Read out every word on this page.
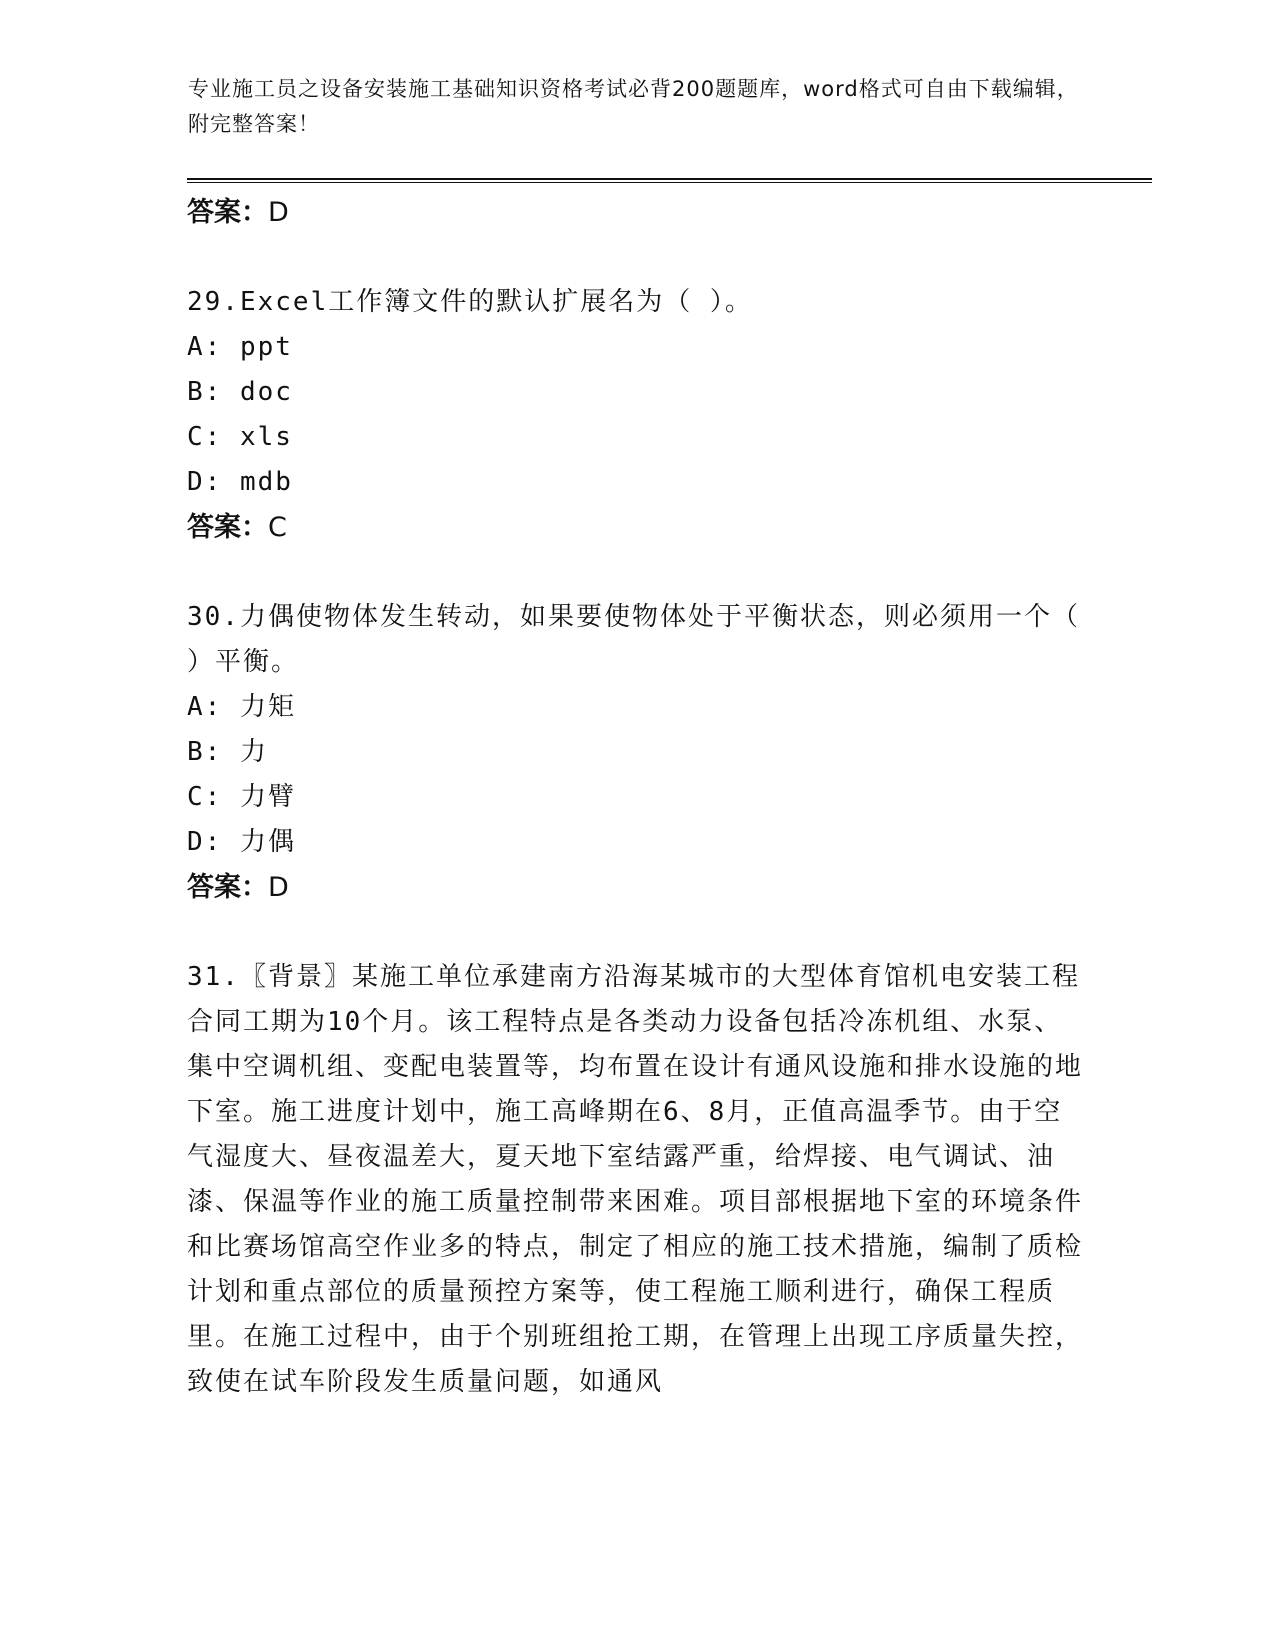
专业施工员之设备安装施工基础知识资格考试必背200题题库，word格式可自由下载编辑，附完整答案！
答案：D

29.Excel工作簿文件的默认扩展名为（ ）。

A: ppt
B: doc
C: xls
D: mdb
答案：C

30.力偶使物体发生转动，如果要使物体处于平衡状态，则必须用一个（ ）平衡。

A: 力矩
B: 力
C: 力臂
D: 力偶
答案：D

31.〖背景〗某施工单位承建南方沿海某城市的大型体育馆机电安装工程合同工期为10个月。该工程特点是各类动力设备包括冷冻机组、水泵、集中空调机组、变配电装置等，均布置在设计有通风设施和排水设施的地下室。施工进度计划中，施工高峰期在6、8月，正值高温季节。由于空气湿度大、昼夜温差大，夏天地下室结露严重，给焊接、电气调试、油漆、保温等作业的施工质量控制带来困难。项目部根据地下室的环境条件和比赛场馆高空作业多的特点，制定了相应的施工技术措施，编制了质检计划和重点部位的质量预控方案等，使工程施工顺利进行，确保工程质里。在施工过程中，由于个别班组抢工期，在管理上出现工序质量失控，致使在试车阶段发生质量问题，如通风
